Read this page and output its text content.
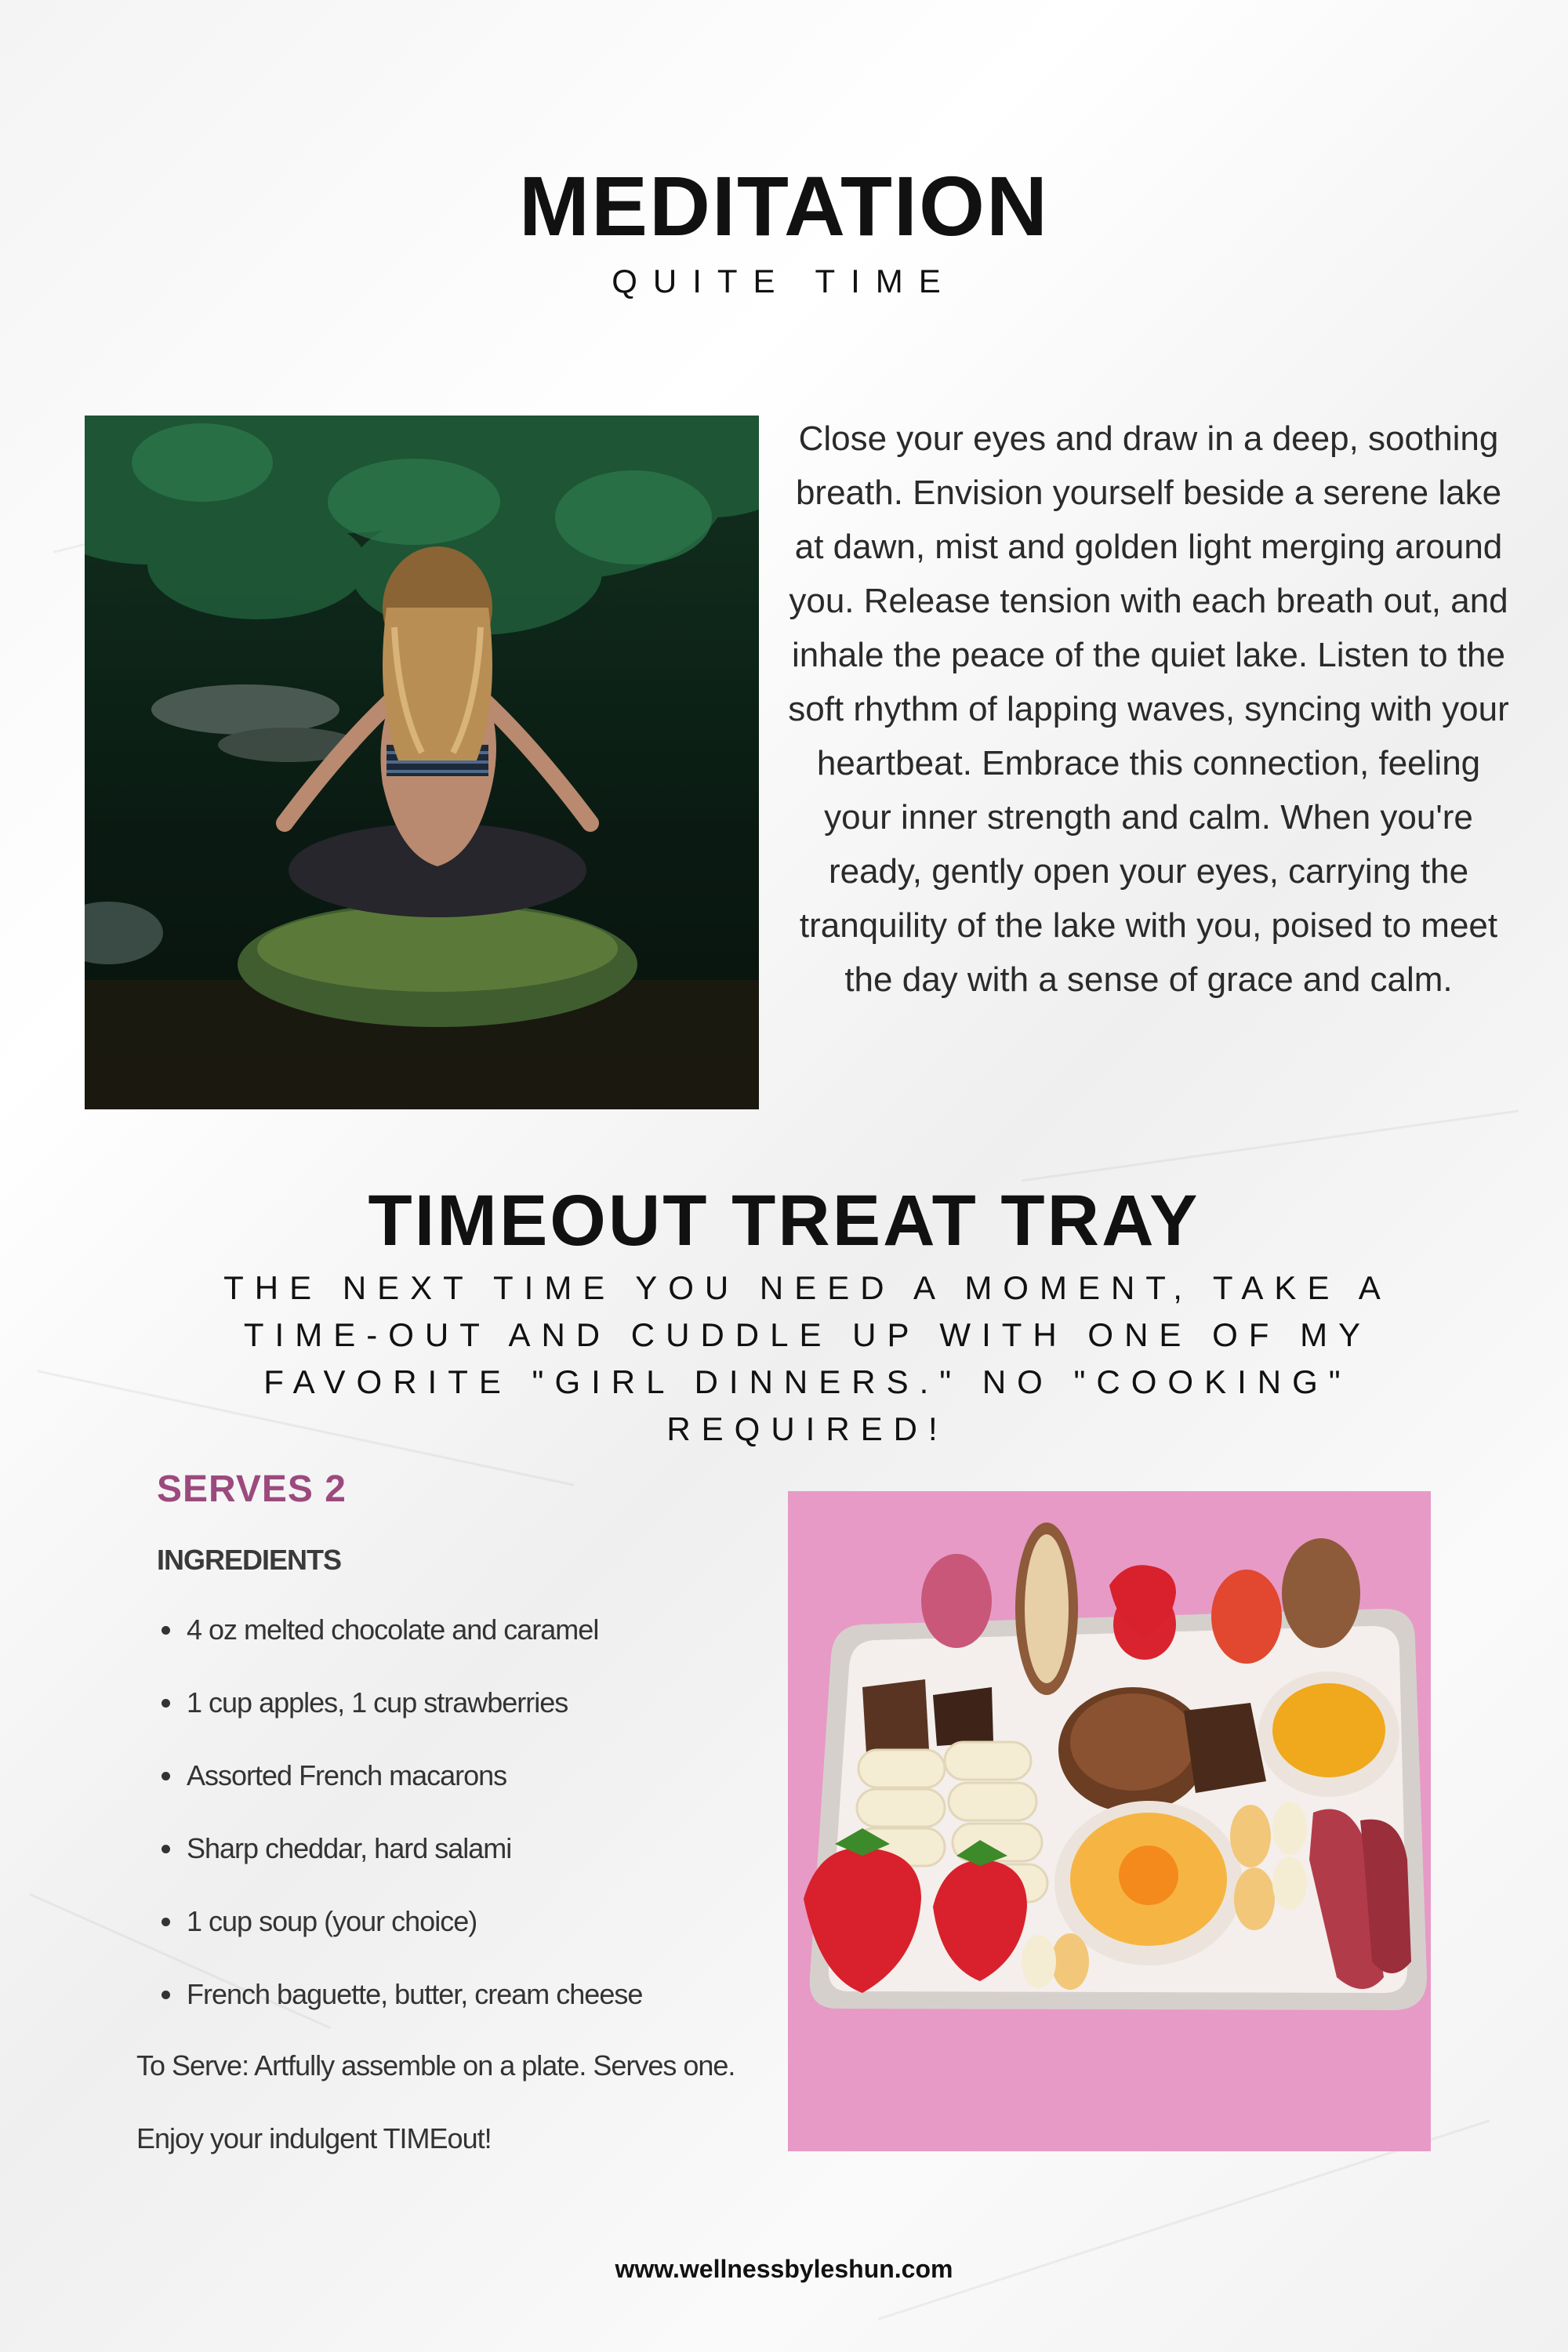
MEDITATION
QUITE TIME
Close your eyes and draw in a deep, soothing breath. Envision yourself beside a serene lake at dawn, mist and golden light merging around you. Release tension with each breath out, and inhale the peace of the quiet lake. Listen to the soft rhythm of lapping waves, syncing with your heartbeat. Embrace this connection, feeling your inner strength and calm. When you're ready, gently open your eyes, carrying the tranquility of the lake with you, poised to meet the day with a sense of grace and calm.
TIMEOUT TREAT TRAY
THE NEXT TIME YOU NEED A MOMENT, TAKE A TIME-OUT AND CUDDLE UP WITH ONE OF MY FAVORITE "GIRL DINNERS." NO "COOKING" REQUIRED!
SERVES 2
INGREDIENTS
4 oz melted chocolate and caramel
1 cup apples, 1 cup strawberries
Assorted French macarons
Sharp cheddar, hard salami
1 cup soup (your choice)
French baguette, butter, cream cheese
To Serve: Artfully assemble on a plate. Serves one.
Enjoy your indulgent TIMEout!
www.wellnessbyleshun.com
